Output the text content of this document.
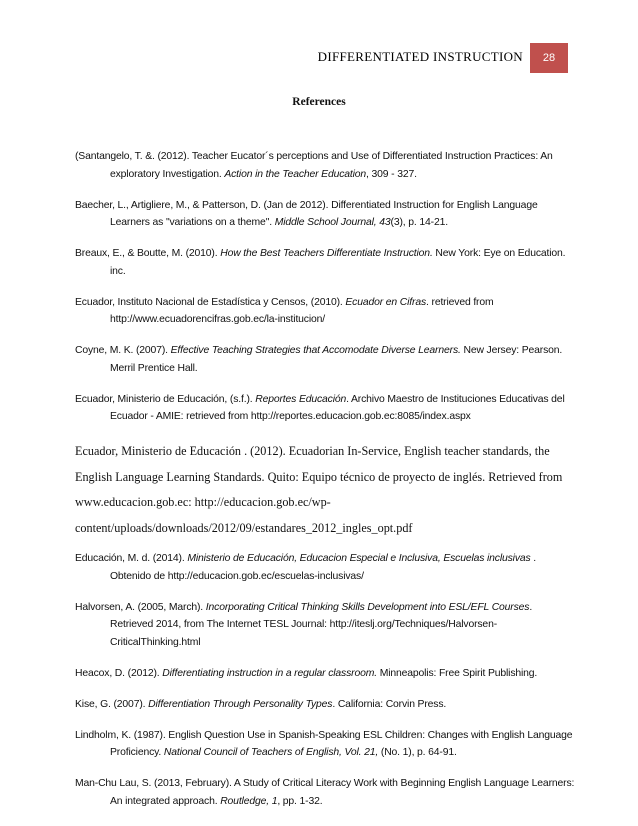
DIFFERENTIATED INSTRUCTION	28
References
(Santangelo, T. &. (2012). Teacher Eucator´s perceptions and Use of Differentiated Instruction Practices: An exploratory Investigation. Action in the Teacher Education, 309 - 327.
Baecher, L., Artigliere, M., & Patterson, D. (Jan de 2012). Differentiated Instruction for English Language Learners as "variations on a theme". Middle School Journal, 43(3), p. 14-21.
Breaux, E., & Boutte, M. (2010). How the Best Teachers Differentiate Instruction. New York: Eye on Education. inc.
Ecuador, Instituto Nacional de Estadística y Censos, (2010). Ecuador en Cifras. retrieved from http://www.ecuadorencifras.gob.ec/la-institucion/
Coyne, M. K. (2007). Effective Teaching Strategies that Accomodate Diverse Learners. New Jersey: Pearson. Merril Prentice Hall.
Ecuador, Ministerio de Educación, (s.f.). Reportes Educación. Archivo Maestro de Instituciones Educativas del Ecuador - AMIE: retrieved from http://reportes.educacion.gob.ec:8085/index.aspx
Ecuador, Ministerio de Educación . (2012). Ecuadorian In-Service, English teacher standards, the
English Language Learning Standards. Quito: Equipo técnico de proyecto de inglés. Retrieved from www.educacion.gob.ec: http://educacion.gob.ec/wp-content/uploads/downloads/2012/09/estandares_2012_ingles_opt.pdf
Educación, M. d. (2014). Ministerio de Educación, Educacion Especial e Inclusiva, Escuelas inclusivas . Obtenido de http://educacion.gob.ec/escuelas-inclusivas/
Halvorsen, A. (2005, March). Incorporating Critical Thinking Skills Development into ESL/EFL Courses. Retrieved 2014, from The Internet TESL Journal: http://iteslj.org/Techniques/Halvorsen-CriticalThinking.html
Heacox, D. (2012). Differentiating instruction in a regular classroom. Minneapolis: Free Spirit Publishing.
Kise, G. (2007). Differentiation Through Personality Types. California: Corvin Press.
Lindholm, K. (1987). English Question Use in Spanish-Speaking ESL Children: Changes with English Language Proficiency. National Council of Teachers of English, Vol. 21, (No. 1), p. 64-91.
Man-Chu Lau, S. (2013, February). A Study of Critical Literacy Work with Beginning English Language Learners: An integrated approach. Routledge, 1, pp. 1-32.
